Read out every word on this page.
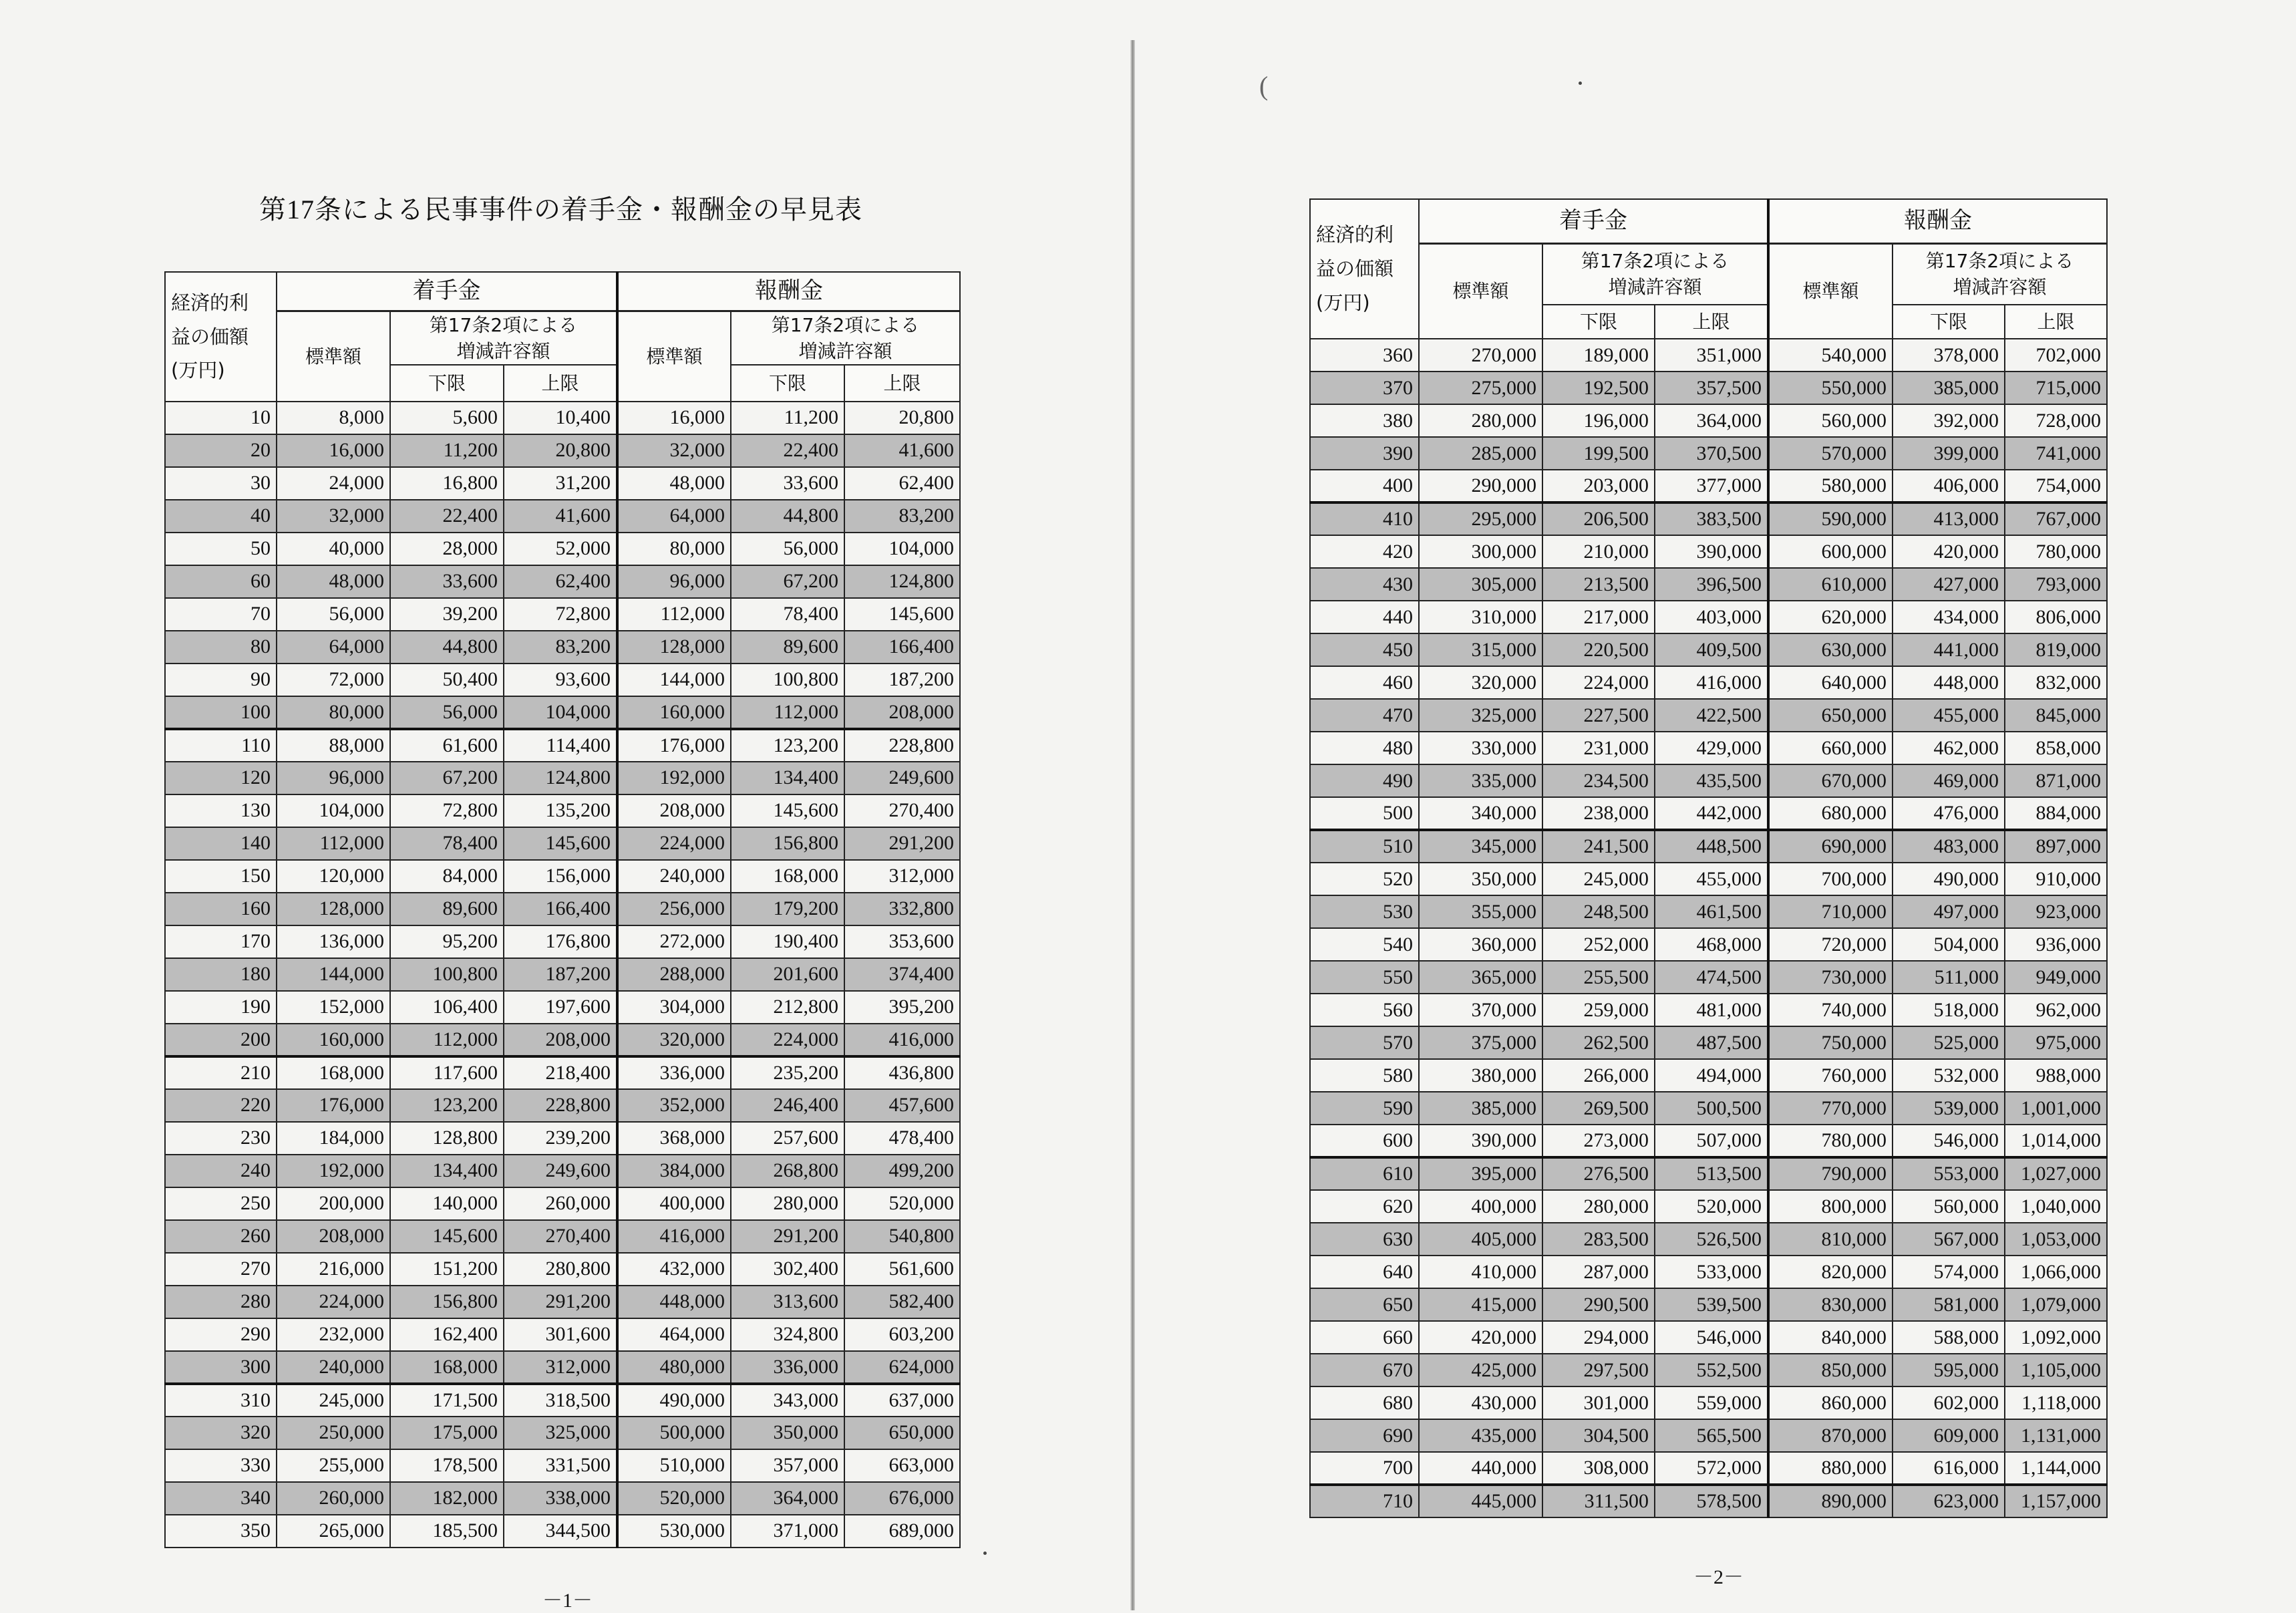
(
第17条による民事事件の着手金・報酬金の早見表
経済的利
益の価額
(万円)	着手金			報酬金		
	標準額	第17条2項による
増減許容額		標準額	第17条2項による
増減許容額	
		下限	上限		下限	上限
10	8,000	5,600	10,400	16,000	11,200	20,800
20	16,000	11,200	20,800	32,000	22,400	41,600
30	24,000	16,800	31,200	48,000	33,600	62,400
40	32,000	22,400	41,600	64,000	44,800	83,200
50	40,000	28,000	52,000	80,000	56,000	104,000
60	48,000	33,600	62,400	96,000	67,200	124,800
70	56,000	39,200	72,800	112,000	78,400	145,600
80	64,000	44,800	83,200	128,000	89,600	166,400
90	72,000	50,400	93,600	144,000	100,800	187,200
100	80,000	56,000	104,000	160,000	112,000	208,000
110	88,000	61,600	114,400	176,000	123,200	228,800
120	96,000	67,200	124,800	192,000	134,400	249,600
130	104,000	72,800	135,200	208,000	145,600	270,400
140	112,000	78,400	145,600	224,000	156,800	291,200
150	120,000	84,000	156,000	240,000	168,000	312,000
160	128,000	89,600	166,400	256,000	179,200	332,800
170	136,000	95,200	176,800	272,000	190,400	353,600
180	144,000	100,800	187,200	288,000	201,600	374,400
190	152,000	106,400	197,600	304,000	212,800	395,200
200	160,000	112,000	208,000	320,000	224,000	416,000
210	168,000	117,600	218,400	336,000	235,200	436,800
220	176,000	123,200	228,800	352,000	246,400	457,600
230	184,000	128,800	239,200	368,000	257,600	478,400
240	192,000	134,400	249,600	384,000	268,800	499,200
250	200,000	140,000	260,000	400,000	280,000	520,000
260	208,000	145,600	270,400	416,000	291,200	540,800
270	216,000	151,200	280,800	432,000	302,400	561,600
280	224,000	156,800	291,200	448,000	313,600	582,400
290	232,000	162,400	301,600	464,000	324,800	603,200
300	240,000	168,000	312,000	480,000	336,000	624,000
310	245,000	171,500	318,500	490,000	343,000	637,000
320	250,000	175,000	325,000	500,000	350,000	650,000
330	255,000	178,500	331,500	510,000	357,000	663,000
340	260,000	182,000	338,000	520,000	364,000	676,000
350	265,000	185,500	344,500	530,000	371,000	689,000
経済的利
益の価額
(万円)	着手金			報酬金		
	標準額	第17条2項による
増減許容額		標準額	第17条2項による
増減許容額	
		下限	上限		下限	上限
360	270,000	189,000	351,000	540,000	378,000	702,000
370	275,000	192,500	357,500	550,000	385,000	715,000
380	280,000	196,000	364,000	560,000	392,000	728,000
390	285,000	199,500	370,500	570,000	399,000	741,000
400	290,000	203,000	377,000	580,000	406,000	754,000
410	295,000	206,500	383,500	590,000	413,000	767,000
420	300,000	210,000	390,000	600,000	420,000	780,000
430	305,000	213,500	396,500	610,000	427,000	793,000
440	310,000	217,000	403,000	620,000	434,000	806,000
450	315,000	220,500	409,500	630,000	441,000	819,000
460	320,000	224,000	416,000	640,000	448,000	832,000
470	325,000	227,500	422,500	650,000	455,000	845,000
480	330,000	231,000	429,000	660,000	462,000	858,000
490	335,000	234,500	435,500	670,000	469,000	871,000
500	340,000	238,000	442,000	680,000	476,000	884,000
510	345,000	241,500	448,500	690,000	483,000	897,000
520	350,000	245,000	455,000	700,000	490,000	910,000
530	355,000	248,500	461,500	710,000	497,000	923,000
540	360,000	252,000	468,000	720,000	504,000	936,000
550	365,000	255,500	474,500	730,000	511,000	949,000
560	370,000	259,000	481,000	740,000	518,000	962,000
570	375,000	262,500	487,500	750,000	525,000	975,000
580	380,000	266,000	494,000	760,000	532,000	988,000
590	385,000	269,500	500,500	770,000	539,000	1,001,000
600	390,000	273,000	507,000	780,000	546,000	1,014,000
610	395,000	276,500	513,500	790,000	553,000	1,027,000
620	400,000	280,000	520,000	800,000	560,000	1,040,000
630	405,000	283,500	526,500	810,000	567,000	1,053,000
640	410,000	287,000	533,000	820,000	574,000	1,066,000
650	415,000	290,500	539,500	830,000	581,000	1,079,000
660	420,000	294,000	546,000	840,000	588,000	1,092,000
670	425,000	297,500	552,500	850,000	595,000	1,105,000
680	430,000	301,000	559,000	860,000	602,000	1,118,000
690	435,000	304,500	565,500	870,000	609,000	1,131,000
700	440,000	308,000	572,000	880,000	616,000	1,144,000
710	445,000	311,500	578,500	890,000	623,000	1,157,000
－1－
－2－
